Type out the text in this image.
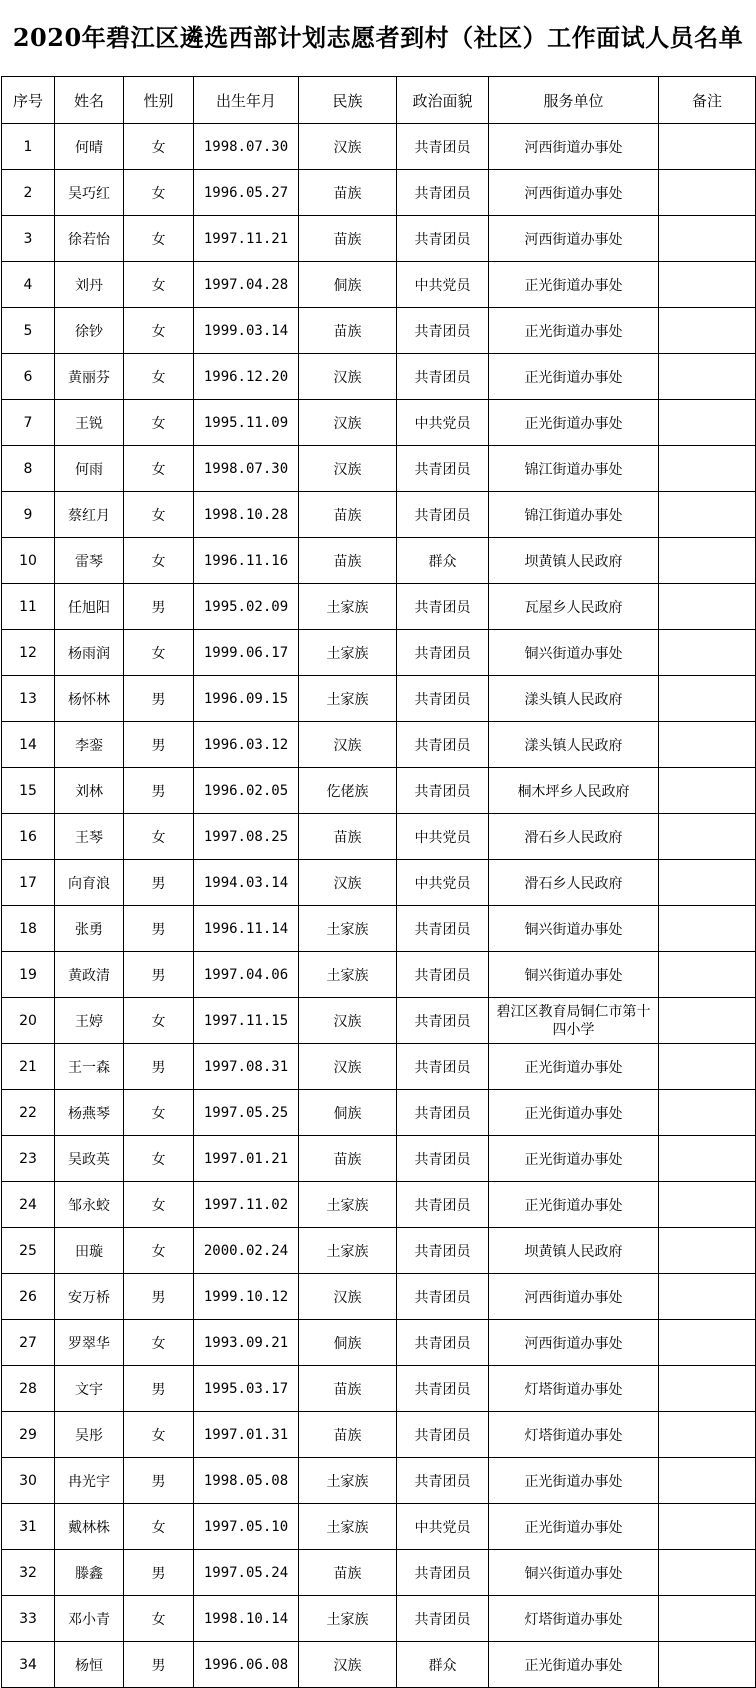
2020年碧江区遴选西部计划志愿者到村（社区）工作面试人员名单
序号	姓名	性别	出生年月	民族	政治面貌	服务单位	备注
1	何晴	女	1998.07.30	汉族	共青团员	河西街道办事处	
2	吴巧红	女	1996.05.27	苗族	共青团员	河西街道办事处	
3	徐若怡	女	1997.11.21	苗族	共青团员	河西街道办事处	
4	刘丹	女	1997.04.28	侗族	中共党员	正光街道办事处	
5	徐钞	女	1999.03.14	苗族	共青团员	正光街道办事处	
6	黄丽芬	女	1996.12.20	汉族	共青团员	正光街道办事处	
7	王锐	女	1995.11.09	汉族	中共党员	正光街道办事处	
8	何雨	女	1998.07.30	汉族	共青团员	锦江街道办事处	
9	蔡红月	女	1998.10.28	苗族	共青团员	锦江街道办事处	
10	雷琴	女	1996.11.16	苗族	群众	坝黄镇人民政府	
11	任旭阳	男	1995.02.09	土家族	共青团员	瓦屋乡人民政府	
12	杨雨润	女	1999.06.17	土家族	共青团员	铜兴街道办事处	
13	杨怀林	男	1996.09.15	土家族	共青团员	漾头镇人民政府	
14	李銮	男	1996.03.12	汉族	共青团员	漾头镇人民政府	
15	刘林	男	1996.02.05	仡佬族	共青团员	桐木坪乡人民政府	
16	王琴	女	1997.08.25	苗族	中共党员	滑石乡人民政府	
17	向育浪	男	1994.03.14	汉族	中共党员	滑石乡人民政府	
18	张勇	男	1996.11.14	土家族	共青团员	铜兴街道办事处	
19	黄政清	男	1997.04.06	土家族	共青团员	铜兴街道办事处	
20	王婷	女	1997.11.15	汉族	共青团员	碧江区教育局铜仁市第十四小学	
21	王一森	男	1997.08.31	汉族	共青团员	正光街道办事处	
22	杨燕琴	女	1997.05.25	侗族	共青团员	正光街道办事处	
23	吴政英	女	1997.01.21	苗族	共青团员	正光街道办事处	
24	邹永蛟	女	1997.11.02	土家族	共青团员	正光街道办事处	
25	田璇	女	2000.02.24	土家族	共青团员	坝黄镇人民政府	
26	安万桥	男	1999.10.12	汉族	共青团员	河西街道办事处	
27	罗翠华	女	1993.09.21	侗族	共青团员	河西街道办事处	
28	文宇	男	1995.03.17	苗族	共青团员	灯塔街道办事处	
29	吴彤	女	1997.01.31	苗族	共青团员	灯塔街道办事处	
30	冉光宇	男	1998.05.08	土家族	共青团员	正光街道办事处	
31	戴林株	女	1997.05.10	土家族	中共党员	正光街道办事处	
32	滕鑫	男	1997.05.24	苗族	共青团员	铜兴街道办事处	
33	邓小青	女	1998.10.14	土家族	共青团员	灯塔街道办事处	
34	杨恒	男	1996.06.08	汉族	群众	正光街道办事处	
